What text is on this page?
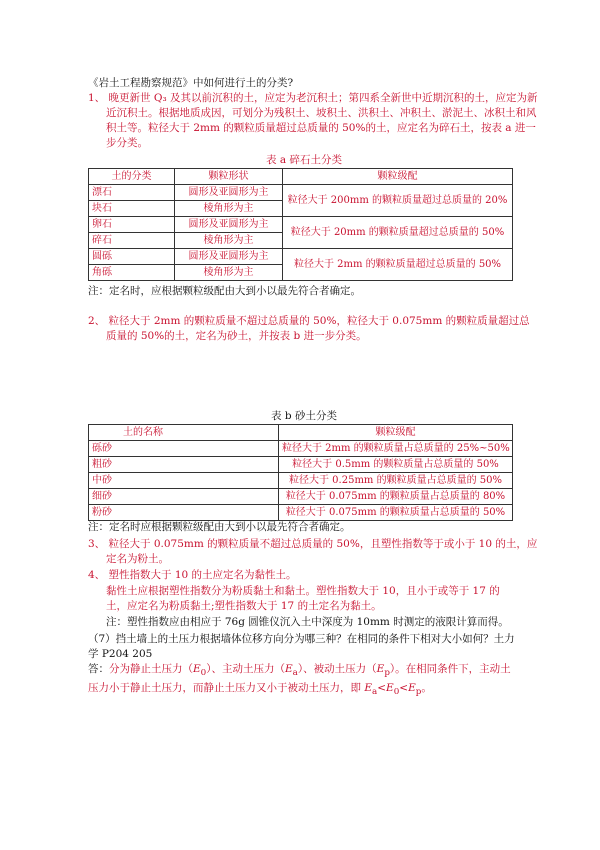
《岩土工程勘察规范》中如何进行土的分类?
1、 晚更新世 Q₃ 及其以前沉积的土，应定为老沉积土；第四系全新世中近期沉积的土，应定为新近沉积土。根据地质成因，可划分为残积土、坡积土、洪积土、冲积土、淤泥土、冰积土和风积土等。粒径大于 2mm 的颗粒质量超过总质量的 50%的土，应定名为碎石土，按表 a 进一步分类。
表 a 碎石土分类
土的分类	颗粒形状	颗粒级配
漂石	圆形及亚圆形为主	粒径大于 200mm 的颗粒质量超过总质量的 20%
块石	棱角形为主	
卵石	圆形及亚圆形为主	粒径大于 20mm 的颗粒质量超过总质量的 50%
碎石	棱角形为主	
圆砾	圆形及亚圆形为主	粒径大于 2mm 的颗粒质量超过总质量的 50%
角砾	棱角形为主	
注：定名时，应根据颗粒级配由大到小以最先符合者确定。
2、 粒径大于 2mm 的颗粒质量不超过总质量的 50%，粒径大于 0.075mm 的颗粒质量超过总质量的 50%的土，定名为砂土，并按表 b 进一步分类。
表 b 砂土分类
土的名称	颗粒级配
砾砂	粒径大于 2mm 的颗粒质量占总质量的 25%~50%
粗砂	粒径大于 0.5mm 的颗粒质量占总质量的 50%
中砂	粒径大于 0.25mm 的颗粒质量占总质量的 50%
细砂	粒径大于 0.075mm 的颗粒质量占总质量的 80%
粉砂	粒径大于 0.075mm 的颗粒质量占总质量的 50%
注：定名时应根据颗粒级配由大到小以最先符合者确定。
3、 粒径大于 0.075mm 的颗粒质量不超过总质量的 50%，且塑性指数等于或小于 10 的土，应定名为粉土。
4、 塑性指数大于 10 的土应定名为黏性土。
黏性土应根据塑性指数分为粉质黏土和黏土。塑性指数大于 10，且小于或等于 17 的土，应定名为粉质黏土;塑性指数大于 17 的土定名为黏土。
注：塑性指数应由相应于 76g 圆锥仪沉入土中深度为 10mm 时测定的液限计算而得。
（7）挡土墙上的土压力根据墙体位移方向分为哪三种？在相同的条件下相对大小如何？土力学 P204 205
答：分为静止土压力$(E_0)$、主动土压力$(E_a)$、被动土压力$(E_p)$。在相同条件下，主动土压力小于静止土压力，而静止土压力又小于被动土压力，即 $E_a<E_0<E_p$。
